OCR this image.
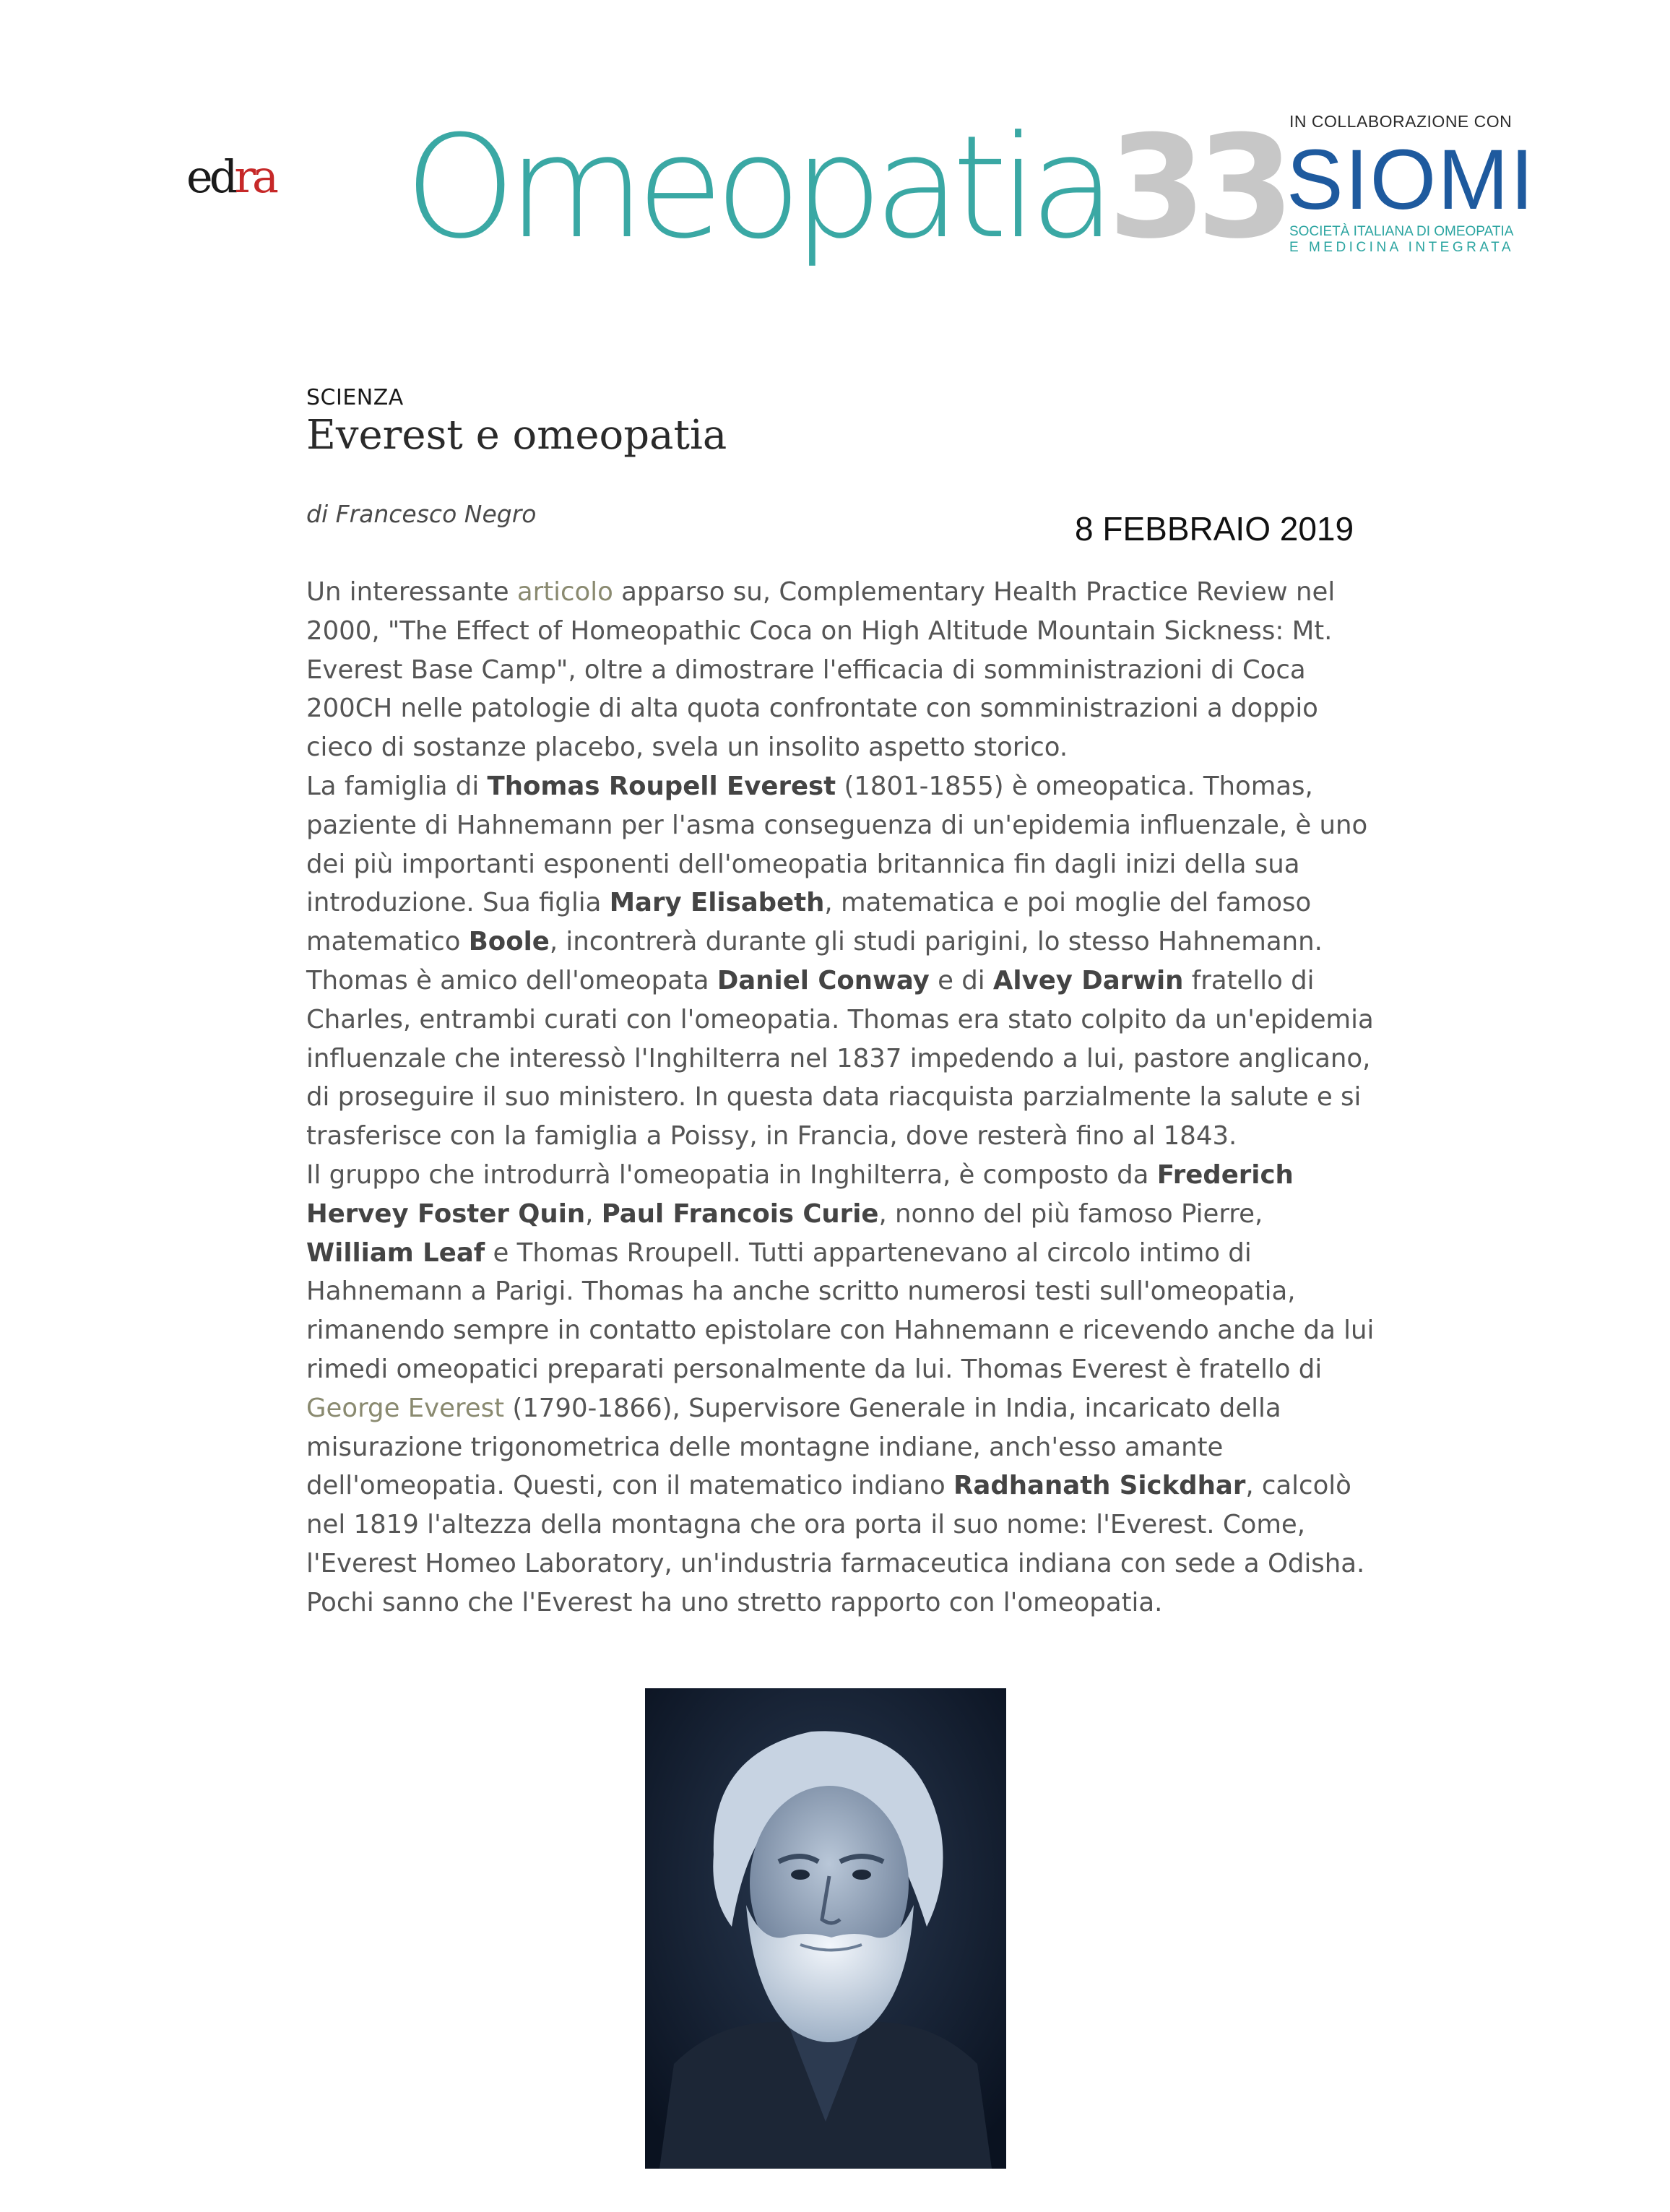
edra Omeopatia33 IN COLLABORAZIONE CON
SIOMI
SOCIETÀ ITALIANA DI OMEOPATIA
E MEDICINA INTEGRATA
SCIENZA
Everest e omeopatia
di Francesco Negro	8 FEBBRAIO 2019

Un interessante articolo apparso su, Complementary Health Practice Review nel 2000, "The Effect of Homeopathic Coca on High Altitude Mountain Sickness: Mt. Everest Base Camp", oltre a dimostrare l'efficacia di somministrazioni di Coca 200CH nelle patologie di alta quota confrontate con somministrazioni a doppio cieco di sostanze placebo, svela un insolito aspetto storico.

La famiglia di Thomas Roupell Everest (1801-1855) è omeopatica. Thomas, paziente di Hahnemann per l'asma conseguenza di un'epidemia influenzale, è uno dei più importanti esponenti dell'omeopatia britannica fin dagli inizi della sua introduzione. Sua figlia Mary Elisabeth, matematica e poi moglie del famoso matematico Boole, incontrerà durante gli studi parigini, lo stesso Hahnemann. Thomas è amico dell'omeopata Daniel Conway e di Alvey Darwin fratello di Charles, entrambi curati con l'omeopatia. Thomas era stato colpito da un'epidemia influenzale che interessò l'Inghilterra nel 1837 impedendo a lui, pastore anglicano, di proseguire il suo ministero. In questa data riacquista parzialmente la salute e si trasferisce con la famiglia a Poissy, in Francia, dove resterà fino al 1843.

Il gruppo che introdurrà l'omeopatia in Inghilterra, è composto da Frederich Hervey Foster Quin, Paul Francois Curie, nonno del più famoso Pierre, William Leaf e Thomas Rroupell. Tutti appartenevano al circolo intimo di Hahnemann a Parigi. Thomas ha anche scritto numerosi testi sull'omeopatia, rimanendo sempre in contatto epistolare con Hahnemann e ricevendo anche da lui rimedi omeopatici preparati personalmente da lui. Thomas Everest è fratello di George Everest (1790-1866), Supervisore Generale in India, incaricato della misurazione trigonometrica delle montagne indiane, anch'esso amante dell'omeopatia. Questi, con il matematico indiano Radhanath Sickdhar, calcolò nel 1819 l'altezza della montagna che ora porta il suo nome: l'Everest. Come, l'Everest Homeo Laboratory, un'industria farmaceutica indiana con sede a Odisha. Pochi sanno che l'Everest ha uno stretto rapporto con l'omeopatia.
